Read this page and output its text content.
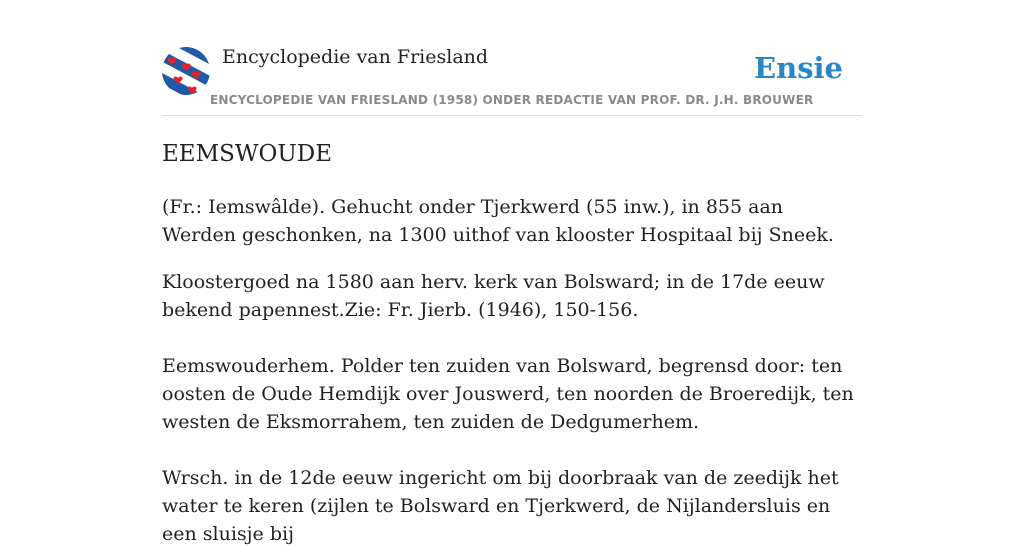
Encyclopedie van Friesland	Ensie
ENCYCLOPEDIE VAN FRIESLAND (1958) ONDER REDACTIE VAN PROF. DR. J.H. BROUWER
EEMSWOUDE

(Fr.: Iemswâlde). Gehucht onder Tjerkwerd (55 inw.), in 855 aan Werden geschonken, na 1300 uithof van klooster Hospitaal bij Sneek.

Kloostergoed na 1580 aan herv. kerk van Bolsward; in de 17de eeuw bekend papennest.Zie: Fr. Jierb. (1946), 150-156.

Eemswouderhem. Polder ten zuiden van Bolsward, begrensd door: ten oosten de Oude Hemdijk over Jouswerd, ten noorden de Broeredijk, ten westen de Eksmorrahem, ten zuiden de Dedgumerhem.

Wrsch. in de 12de eeuw ingericht om bij doorbraak van de zeedijk het water te keren (zijlen te Bolsward en Tjerkwerd, de Nijlandersluis en een sluisje bij
